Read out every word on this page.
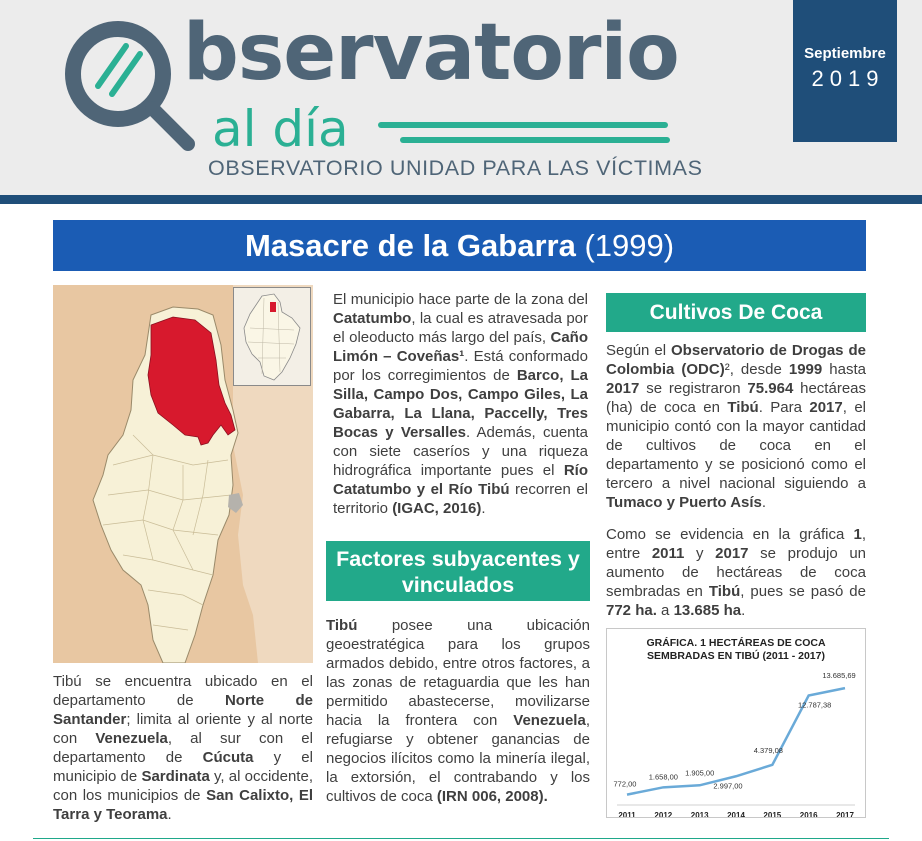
bservatorio
al día
OBSERVATORIO UNIDAD PARA LAS VÍCTIMAS
Septiembre
2019
Masacre de la Gabarra (1999)

Tibú se encuentra ubicado en el departamento de Norte de Santander; limita al oriente y al norte con Venezuela, al sur con el departamento de Cúcuta y el municipio de Sardinata y, al occidente, con los municipios de San Calixto, El Tarra y Teorama.

El municipio hace parte de la zona del Catatumbo, la cual es atravesada por el oleoducto más largo del país, Caño Limón – Coveñas¹. Está conformado por los corregimientos de Barco, La Silla, Campo Dos, Campo Giles, La Gabarra, La Llana, Paccelly, Tres Bocas y Versalles. Además, cuenta con siete caseríos y una riqueza hidrográfica importante pues el Río Catatumbo y el Río Tibú recorren el territorio (IGAC, 2016).

Factores subyacentes y vinculados

Tibú posee una ubicación geoestratégica para los grupos armados debido, entre otros factores, a las zonas de retaguardia que les han permitido abastecerse, movilizarse hacia la frontera con Venezuela, refugiarse y obtener ganancias de negocios ilícitos como la minería ilegal, la extorsión, el contrabando y los cultivos de coca (IRN 006, 2008).

Cultivos De Coca

Según el Observatorio de Drogas de Colombia (ODC)², desde 1999 hasta 2017 se registraron 75.964 hectáreas (ha) de coca en Tibú. Para 2017, el municipio contó con la mayor cantidad de cultivos de coca en el departamento y se posicionó como el tercero a nivel nacional siguiendo a Tumaco y Puerto Asís.

Como se evidencia en la gráfica 1, entre 2011 y 2017 se produjo un aumento de hectáreas de coca sembradas en Tibú, pues se pasó de 772 ha. a 13.685 ha.

GRÁFICA. 1 HECTÁREAS DE COCA SEMBRADAS EN TIBÚ (2011 - 2017)
772,00
1.658,00 1.905,00
2.997,00
4.379,08
12.787,38
13.685,69
2011 2012 2013 2014 2015 2016 2017
